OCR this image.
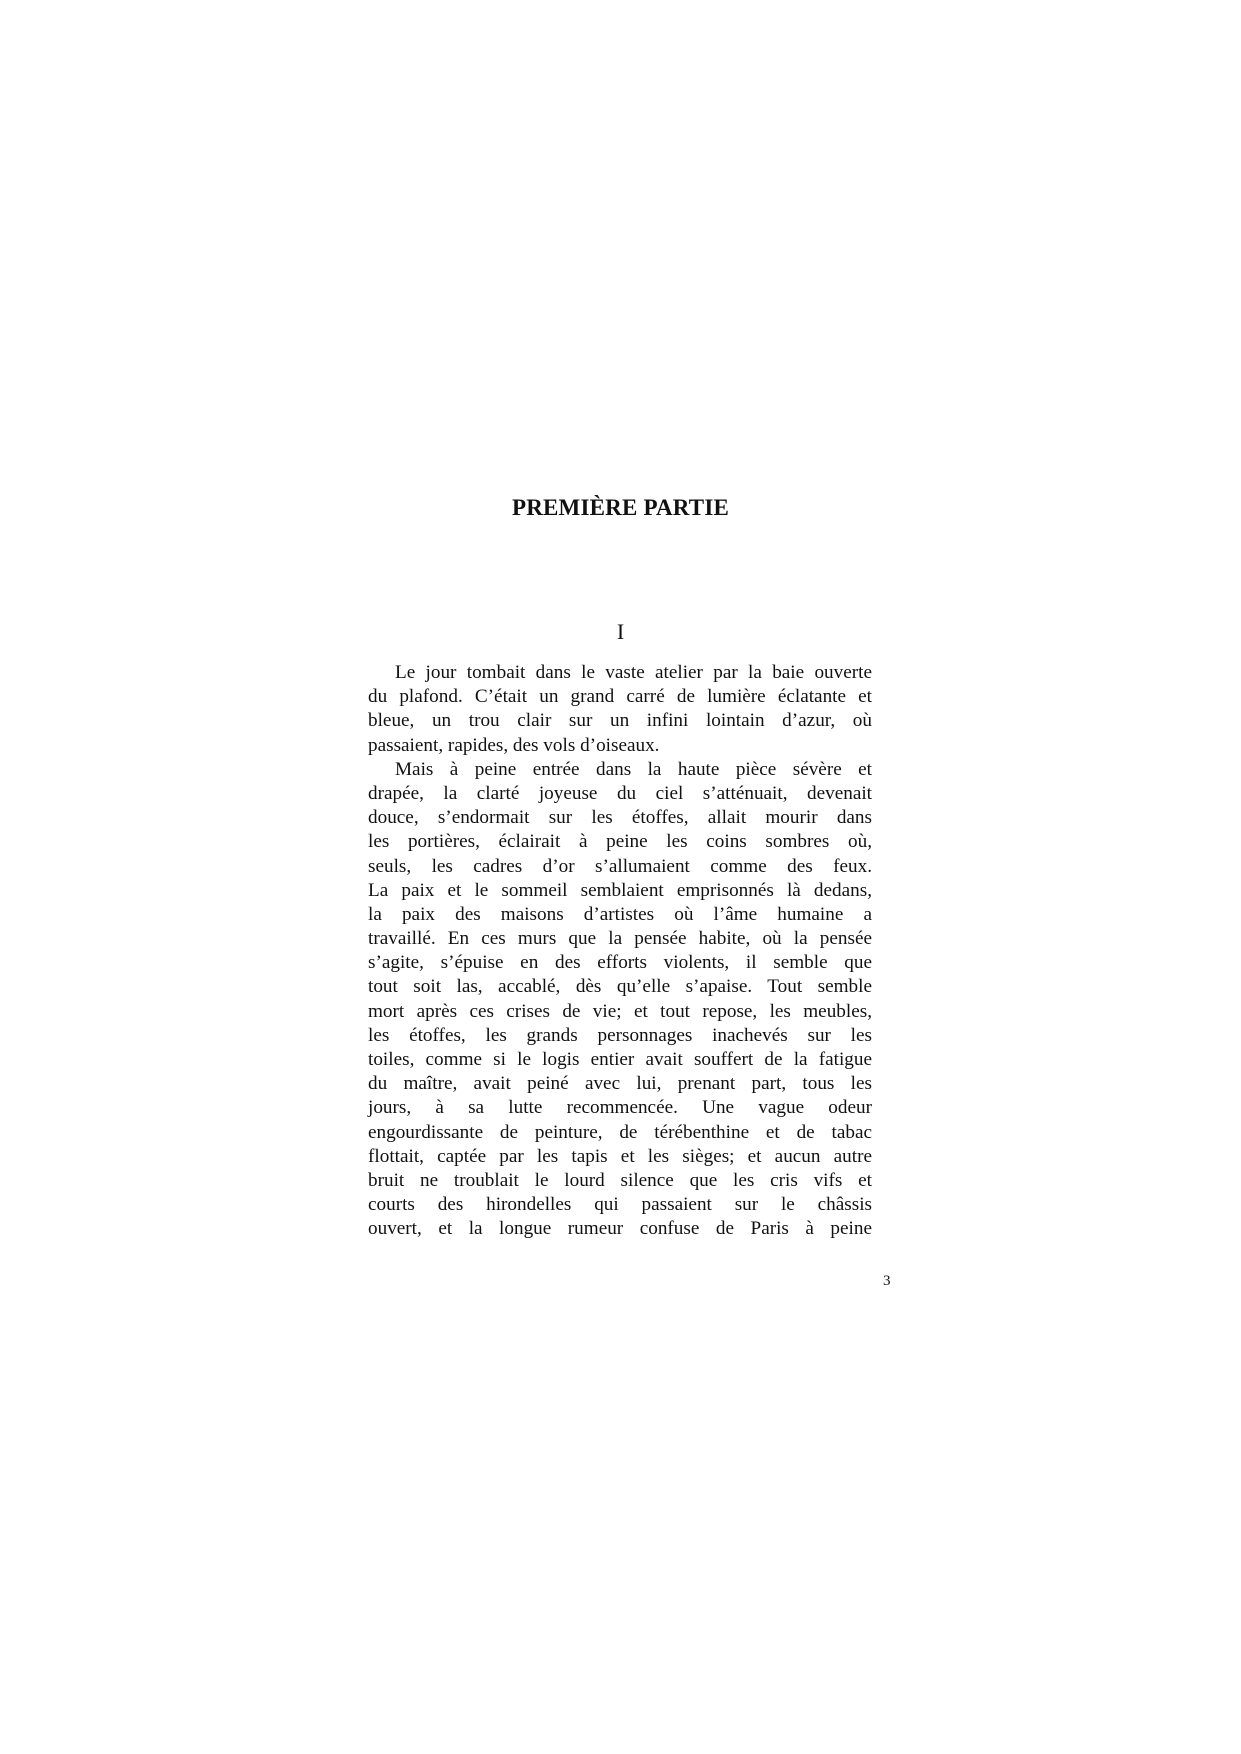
PREMIÈRE PARTIE
I
Le jour tombait dans le vaste atelier par la baie ouverte
du plafond. C’était un grand carré de lumière éclatante et
bleue, un trou clair sur un infini lointain d’azur, où
passaient, rapides, des vols d’oiseaux.
Mais à peine entrée dans la haute pièce sévère et
drapée, la clarté joyeuse du ciel s’atténuait, devenait
douce, s’endormait sur les étoffes, allait mourir dans
les portières, éclairait à peine les coins sombres où,
seuls, les cadres d’or s’allumaient comme des feux.
La paix et le sommeil semblaient emprisonnés là dedans,
la paix des maisons d’artistes où l’âme humaine a
travaillé. En ces murs que la pensée habite, où la pensée
s’agite, s’épuise en des efforts violents, il semble que
tout soit las, accablé, dès qu’elle s’apaise. Tout semble
mort après ces crises de vie; et tout repose, les meubles,
les étoffes, les grands personnages inachevés sur les
toiles, comme si le logis entier avait souffert de la fatigue
du maître, avait peiné avec lui, prenant part, tous les
jours, à sa lutte recommencée. Une vague odeur
engourdissante de peinture, de térébenthine et de tabac
flottait, captée par les tapis et les sièges; et aucun autre
bruit ne troublait le lourd silence que les cris vifs et
courts des hirondelles qui passaient sur le châssis
ouvert, et la longue rumeur confuse de Paris à peine
3
